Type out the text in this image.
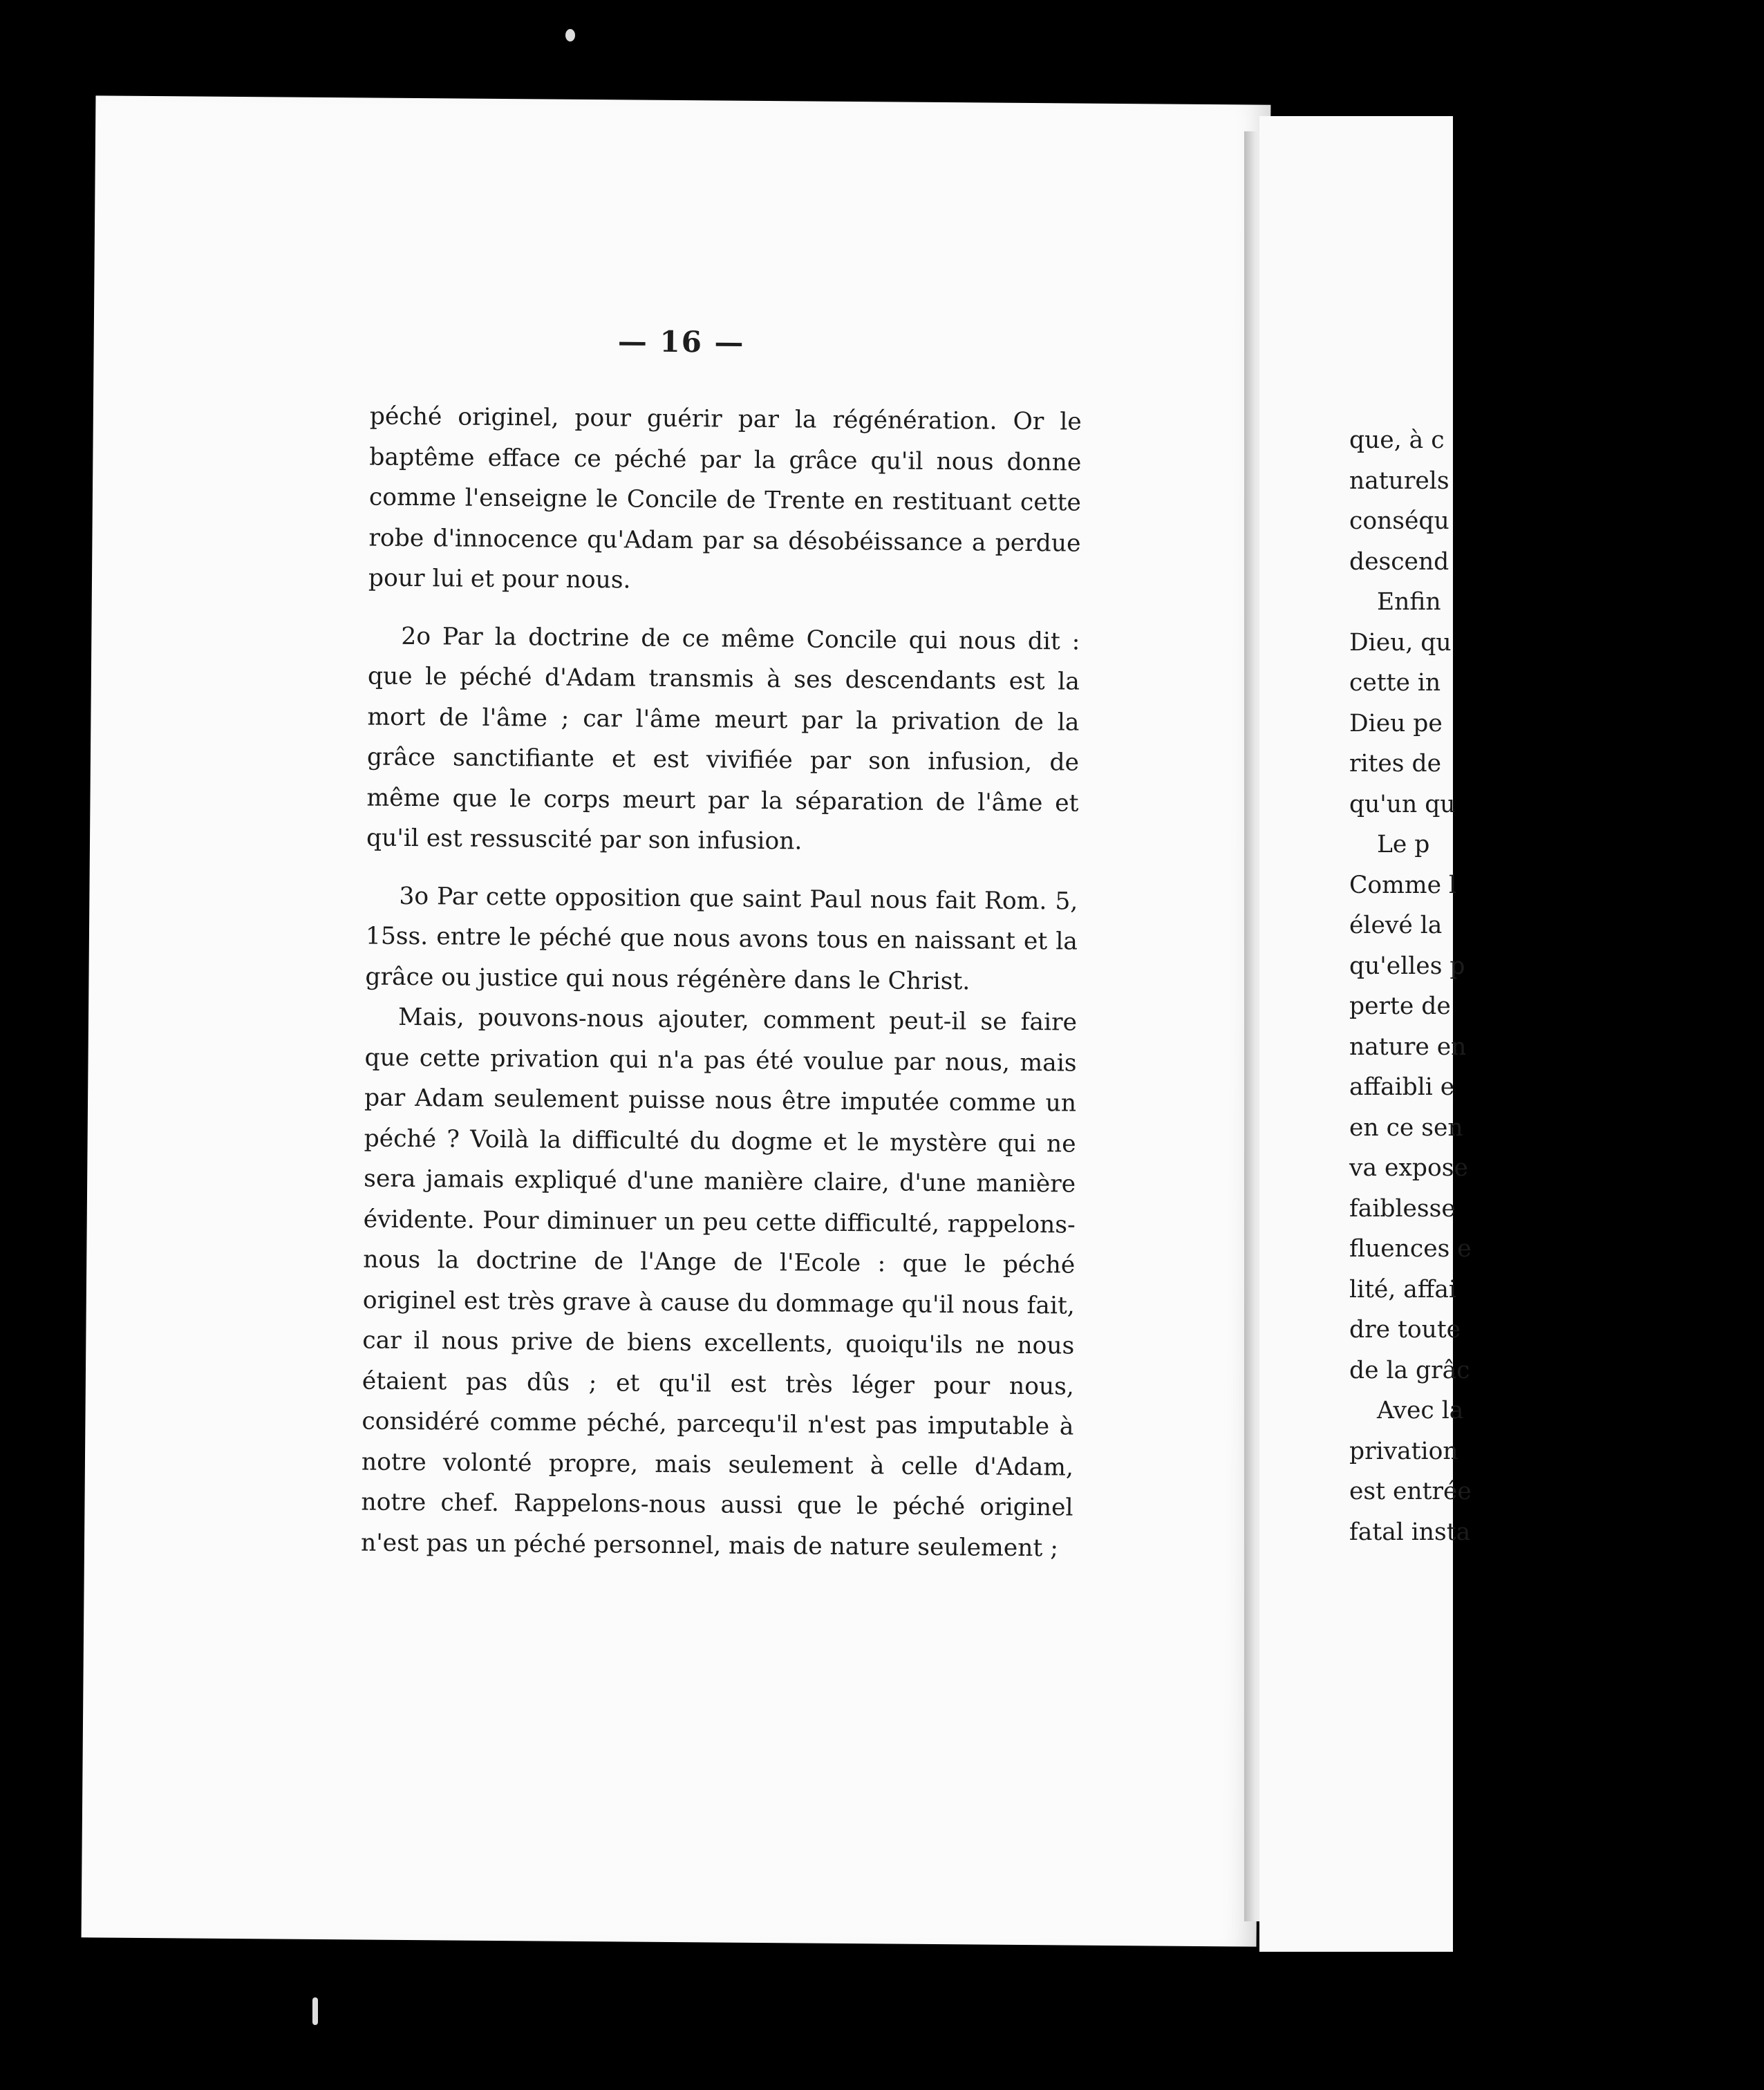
— 16 —

péché originel, pour guérir par la régénération. Or le baptême efface ce péché par la grâce qu'il nous donne comme l'enseigne le Concile de Trente en restituant cette robe d'innocence qu'Adam par sa désobéissance a perdue pour lui et pour nous.

2o Par la doctrine de ce même Concile qui nous dit : que le péché d'Adam transmis à ses descendants est la mort de l'âme ; car l'âme meurt par la privation de la grâce sanctifiante et est vivifiée par son infusion, de même que le corps meurt par la séparation de l'âme et qu'il est ressuscité par son infusion.

3o Par cette opposition que saint Paul nous fait Rom. 5, 15ss. entre le péché que nous avons tous en naissant et la grâce ou justice qui nous régénère dans le Christ.

Mais, pouvons-nous ajouter, comment peut-il se faire que cette privation qui n'a pas été voulue par nous, mais par Adam seulement puisse nous être imputée comme un péché ? Voilà la difficulté du dogme et le mystère qui ne sera jamais expliqué d'une manière claire, d'une manière évidente. Pour diminuer un peu cette difficulté, rappelons-nous la doctrine de l'Ange de l'Ecole : que le péché originel est très grave à cause du dommage qu'il nous fait, car il nous prive de biens excellents, quoiqu'ils ne nous étaient pas dûs ; et qu'il est très léger pour nous, considéré comme péché, parcequ'il n'est pas imputable à notre volonté propre, mais seulement à celle d'Adam, notre chef. Rappelons-nous aussi que le péché originel n'est pas un péché personnel, mais de nature seulement ;

que, à c
naturels
conséqu
descend
Enfin
Dieu, qu
cette in
Dieu pe
rites de
qu'un qu
Le p
Comme l
élevé la
qu'elles p
perte de
nature en
affaibli e
en ce sen
va expose
faiblesse
fluences e
lité, affai
dre toute
de la grâc
Avec la
privation
est entrée
fatal insta
